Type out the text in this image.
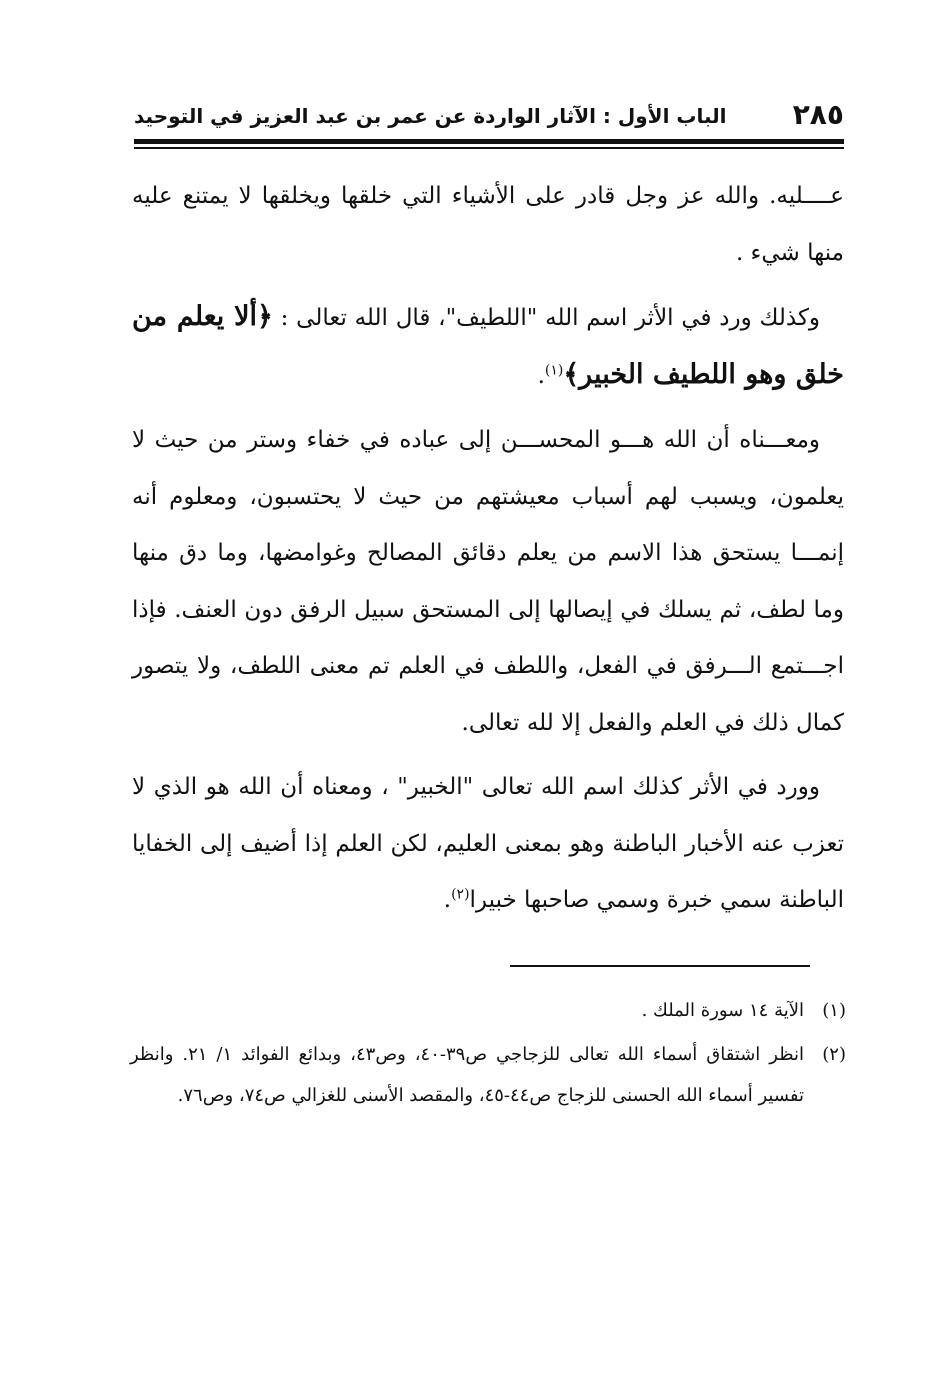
٢٨٥
الباب الأول : الآثار الواردة عن عمر بن عبد العزيز في التوحيد

عــــليه. والله عز وجل قادر على الأشياء التي خلقها ويخلقها لا يمتنع عليه منها شيء .

وكذلك ورد في الأثر اسم الله "اللطيف"، قال الله تعالى : ﴿ألا يعلم من خلق وهو اللطيف الخبير﴾$^{(١)}$.

ومعـــناه أن الله هـــو المحســـن إلى عباده في خفاء وستر من حيث لا يعلمون، ويسبب لهم أسباب معيشتهم من حيث لا يحتسبون، ومعلوم أنه إنمـــا يستحق هذا الاسم من يعلم دقائق المصالح وغوامضها، وما دق منها وما لطف، ثم يسلك في إيصالها إلى المستحق سبيل الرفق دون العنف. فإذا اجـــتمع الـــرفق في الفعل، واللطف في العلم تم معنى اللطف، ولا يتصور كمال ذلك في العلم والفعل إلا لله تعالى.

وورد في الأثر كذلك اسم الله تعالى "الخبير" ، ومعناه أن الله هو الذي لا تعزب عنه الأخبار الباطنة وهو بمعنى العليم، لكن العلم إذا أضيف إلى الخفايا الباطنة سمي خبرة وسمي صاحبها خبيرا$^{(٢)}$.

(١)
الآية ١٤ سورة الملك .
(٢)
انظر اشتقاق أسماء الله تعالى للزجاجي ص٣٩-٤٠، وص٤٣، وبدائع الفوائد ١/ ٢١. وانظر تفسير أسماء الله الحسنى للزجاج ص٤٤-٤٥، والمقصد الأسنى للغزالي ص٧٤، وص٧٦.
